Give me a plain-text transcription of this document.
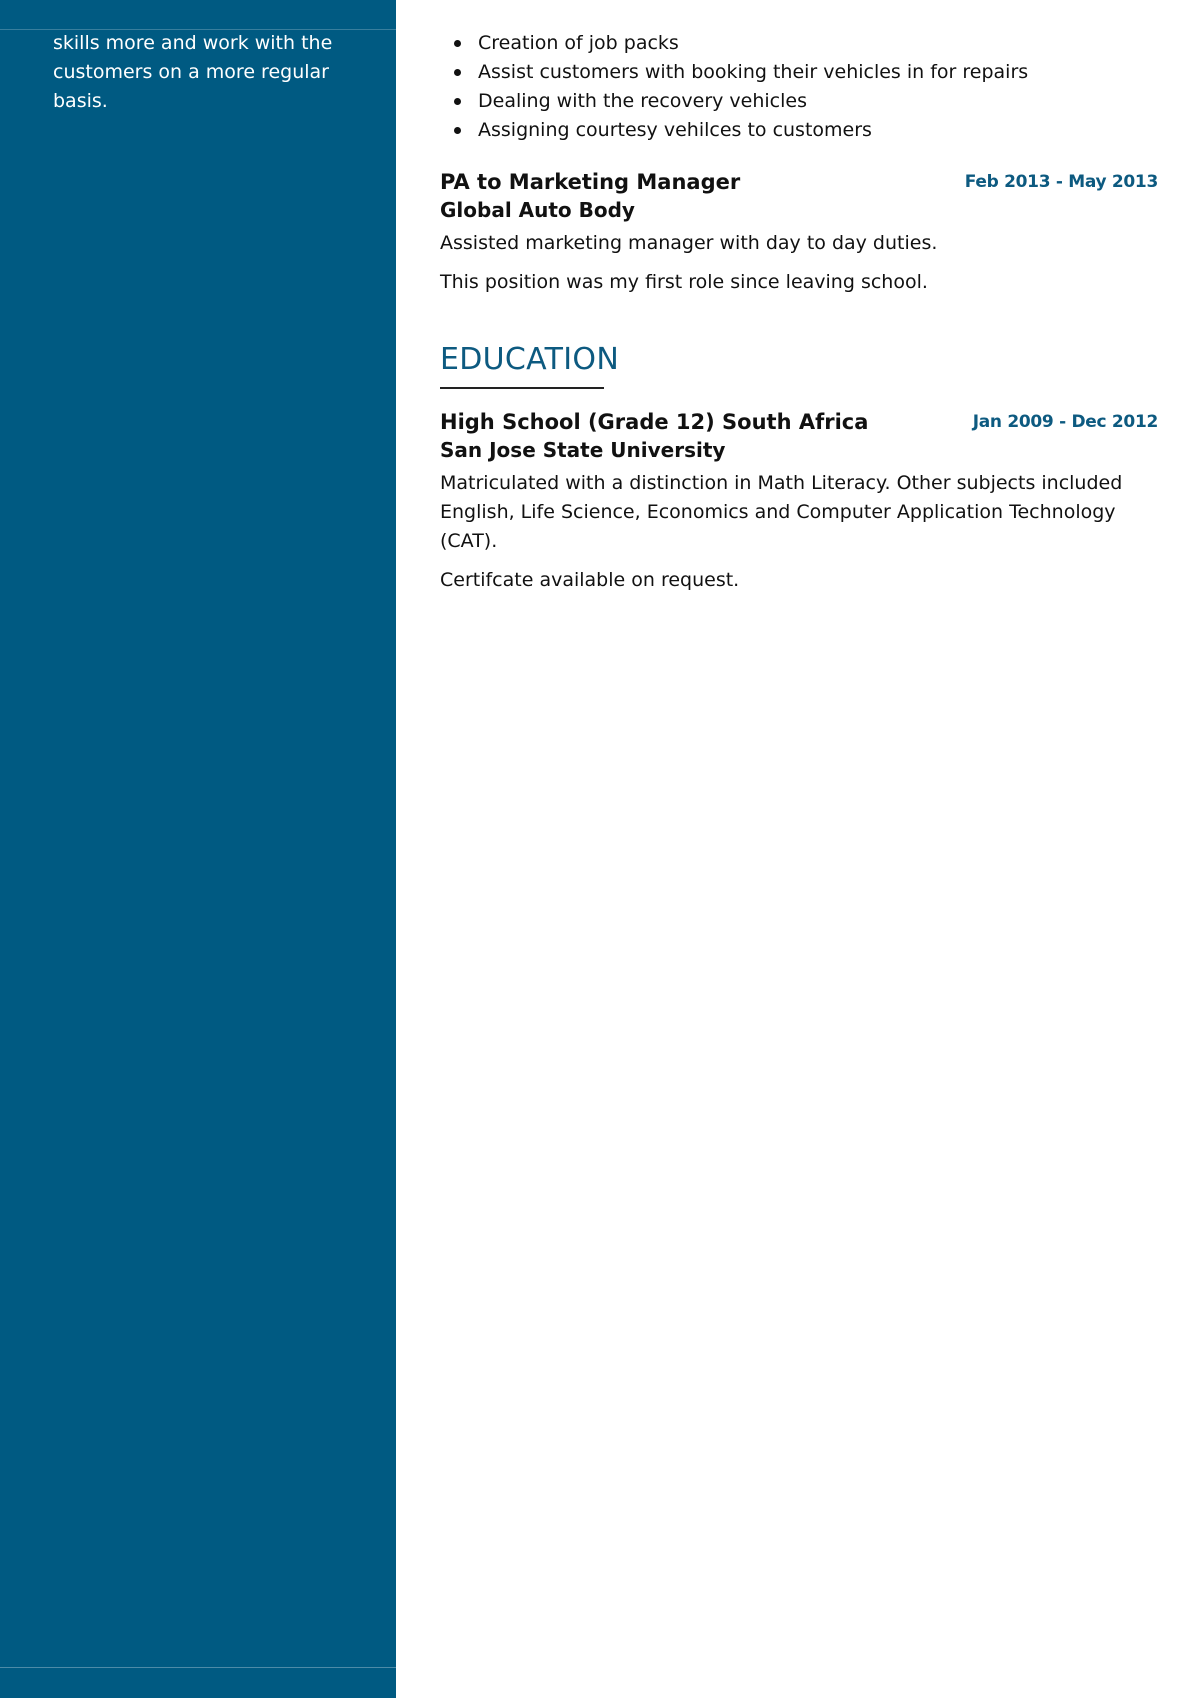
skills more and work with the customers on a more regular basis.

Creation of job packs
Assist customers with booking their vehicles in for repairs
Dealing with the recovery vehicles
Assigning courtesy vehilces to customers
PA to Marketing Manager	Feb 2013 - May 2013

Global Auto Body

Assisted marketing manager with day to day duties.

This position was my first role since leaving school.

EDUCATION
High School (Grade 12) South Africa	Jan 2009 - Dec 2012

San Jose State University

Matriculated with a distinction in Math Literacy. Other subjects included English, Life Science, Economics and Computer Application Technology (CAT).

Certifcate available on request.
